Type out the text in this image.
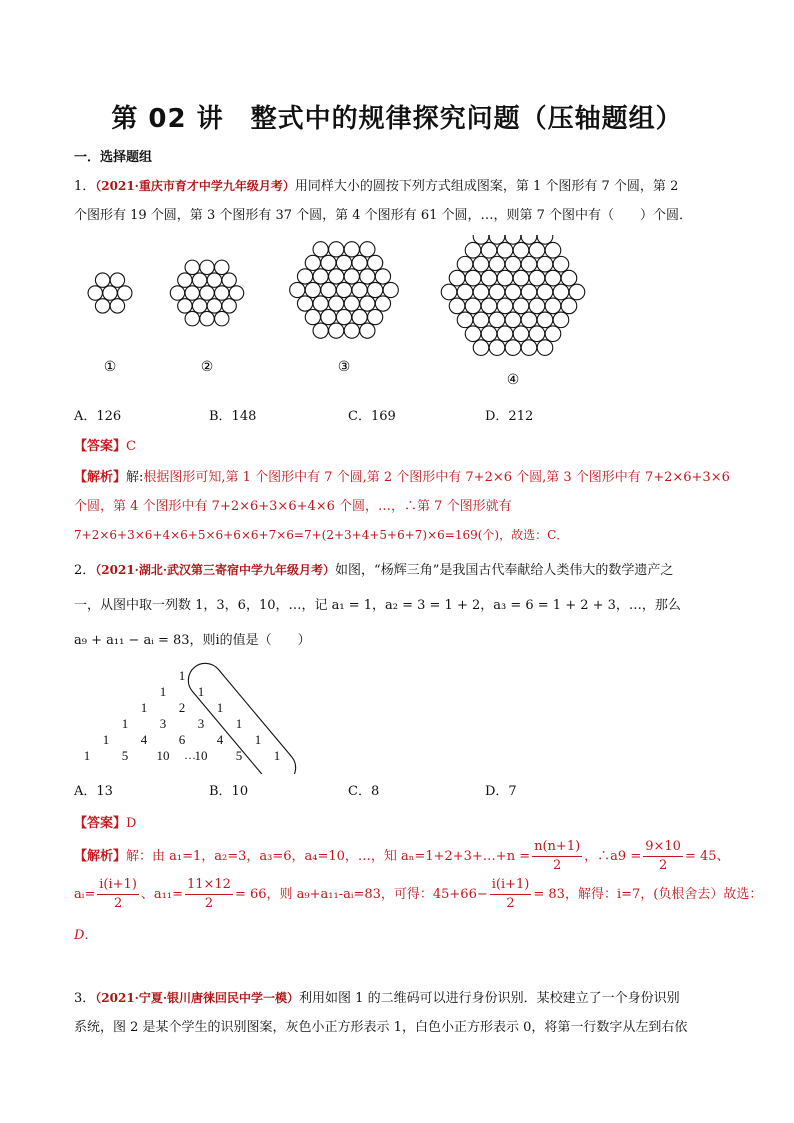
第 02 讲　整式中的规律探究问题（压轴题组）
一．选择题组
1．（2021·重庆市育才中学九年级月考）用同样大小的圆按下列方式组成图案，第 1 个图形有 7 个圆，第 2
个图形有 19 个圆，第 3 个图形有 37 个圆，第 4 个图形有 61 个圆，…，则第 7 个图中有（　　）个圆．
①	②	③
④
A．126	B．148	C．169	D．212
【答案】C
【解析】解:根据图形可知,第 1 个图形中有 7 个圆,第 2 个图形中有 7+2×6 个圆,第 3 个图形中有 7+2×6+3×6
个圆，第 4 个图形中有 7+2×6+3×6+4×6 个圆，…，∴第 7 个图形就有
7+2×6+3×6+4×6+5×6+6×6+7×6=7+(2+3+4+5+6+7)×6=169(个)，故选：C．
2．（2021·湖北·武汉第三寄宿中学九年级月考）如图，“杨辉三角”是我国古代奉献给人类伟大的数学遗产之
一，从图中取一列数 1，3，6，10，…，记 a₁ = 1，a₂ = 3 = 1 + 2，a₃ = 6 = 1 + 2 + 3，…，那么
a₉ + a₁₁ − aᵢ = 83，则i的值是（　　）
1
1 1
1 2 1
1 3 3 1
1 4 6 4 1
1 5 10 10 5 1
…
A．13	B．10	C．8	D．7
【答案】D
【解析】解：由 a₁=1，a₂=3，a₃=6，a₄=10，…，知 aₙ=1+2+3+…+n = $\frac{n(n+1)}{2}$ ，∴a9 = $\frac{9\times 10}{2} = 45$、
aᵢ= $\frac{i(i+1)}{2}$ 、$a_{11}= \frac{11\times 12}{2} = 66$，则 a₉+a₁₁-aᵢ=83，可得：$45+66- \frac{i(i+1)}{2} = 83$，解得：i=7，(负根舍去）故选：
D．
3．（2021·宁夏·银川唐徕回民中学一模）利用如图 1 的二维码可以进行身份识别．某校建立了一个身份识别
系统，图 2 是某个学生的识别图案，灰色小正方形表示 1，白色小正方形表示 0，将第一行数字从左到右依
